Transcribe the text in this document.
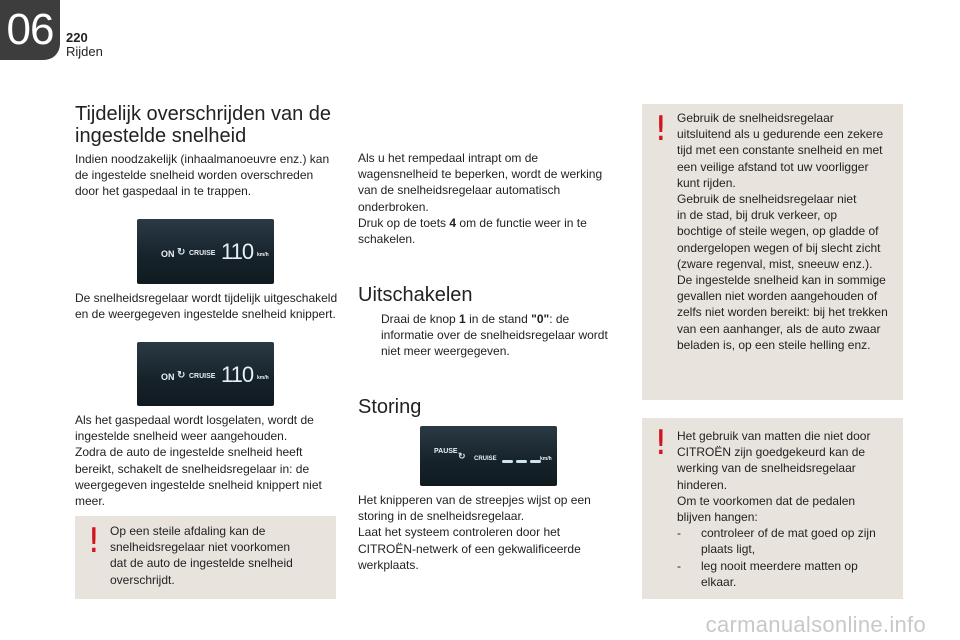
06 220
Rijden
Tijdelijk overschrijden van de
ingestelde snelheid
Indien noodzakelijk (inhaalmanoeuvre enz.) kan
de ingestelde snelheid worden overschreden
door het gaspedaal in te trappen.
ON ↻ CRUISE 110 km/h
De snelheidsregelaar wordt tijdelijk uitgeschakeld
en de weergegeven ingestelde snelheid knippert.
ON ↻ CRUISE 110 km/h
Als het gaspedaal wordt losgelaten, wordt de
ingestelde snelheid weer aangehouden.
Zodra de auto de ingestelde snelheid heeft
bereikt, schakelt de snelheidsregelaar in: de
weergegeven ingestelde snelheid knippert niet
meer.
! Op een steile afdaling kan de
snelheidsregelaar niet voorkomen
dat de auto de ingestelde snelheid
overschrijdt.
Als u het rempedaal intrapt om de
wagensnelheid te beperken, wordt de werking
van de snelheidsregelaar automatisch
onderbroken.
Druk op de toets 4 om de functie weer in te
schakelen.
Uitschakelen
Draai de knop 1 in de stand "0": de
informatie over de snelheidsregelaar wordt
niet meer weergegeven.
Storing
PAUSE ↻ CRUISE	km/h
Het knipperen van de streepjes wijst op een
storing in de snelheidsregelaar.
Laat het systeem controleren door het
CITROËN-netwerk of een gekwalificeerde
werkplaats.
! Gebruik de snelheidsregelaar
uitsluitend als u gedurende een zekere
tijd met een constante snelheid en met
een veilige afstand tot uw voorligger
kunt rijden.
Gebruik de snelheidsregelaar niet
in de stad, bij druk verkeer, op
bochtige of steile wegen, op gladde of
ondergelopen wegen of bij slecht zicht
(zware regenval, mist, sneeuw enz.).
De ingestelde snelheid kan in sommige
gevallen niet worden aangehouden of
zelfs niet worden bereikt: bij het trekken
van een aanhanger, als de auto zwaar
beladen is, op een steile helling enz.
! Het gebruik van matten die niet door
CITROËN zijn goedgekeurd kan de
werking van de snelheidsregelaar
hinderen.
Om te voorkomen dat de pedalen
blijven hangen:
- controleer of de mat goed op zijn
plaats ligt,
- leg nooit meerdere matten op
elkaar.
carmanualsonline.info
